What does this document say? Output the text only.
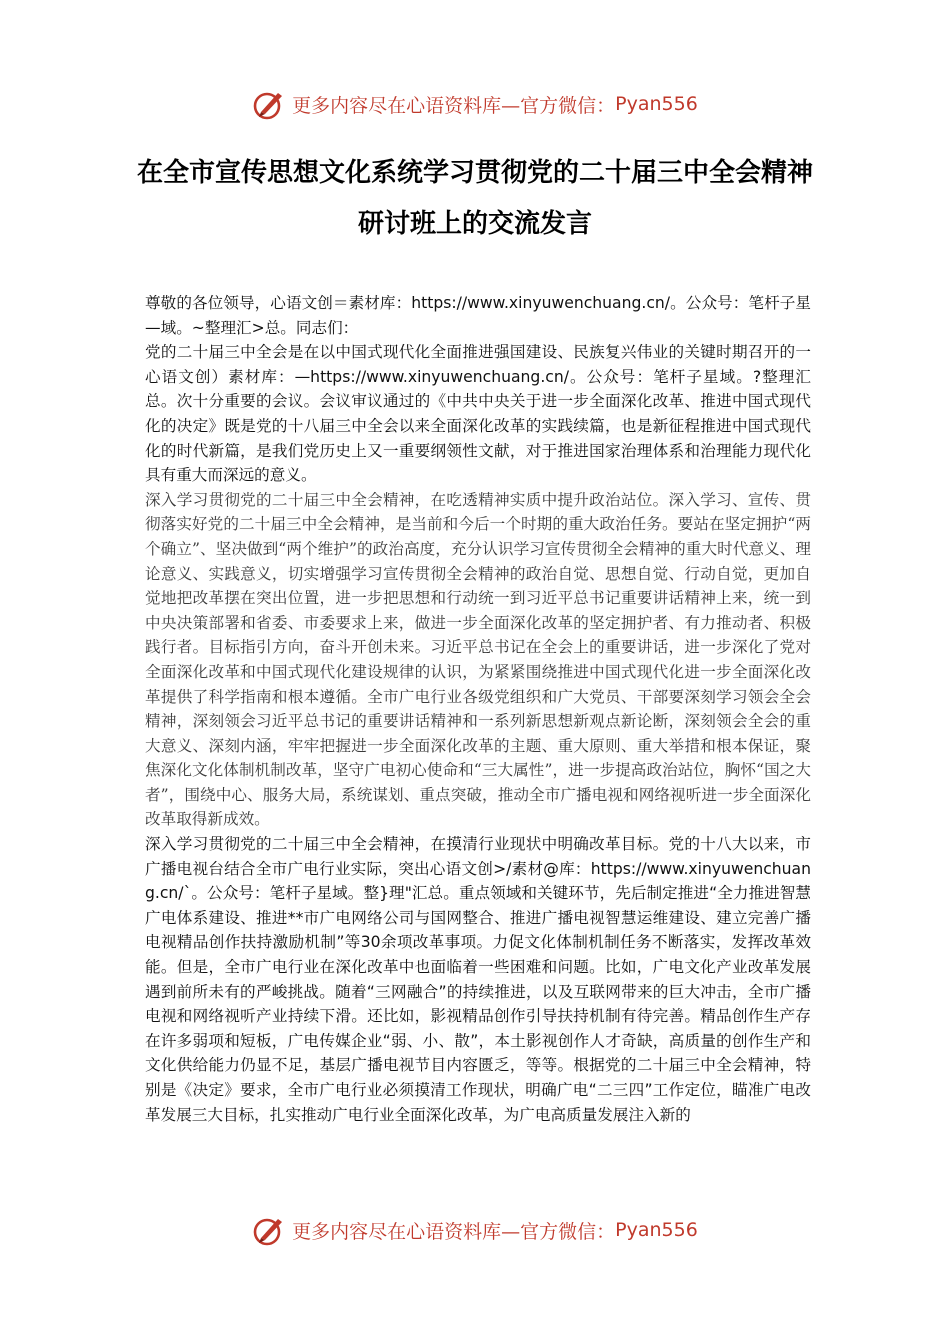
更多内容尽在心语资料库—官方微信： Pyan556
在全市宣传思想文化系统学习贯彻党的二十届三中全会精神研讨班上的交流发言

尊敬的各位领导，心语文创＝素材库：https://www.xinyuwenchuang.cn/。公众号：笔杆子星—域。~整理汇>总。同志们：

党的二十届三中全会是在以中国式现代化全面推进强国建设、民族复兴伟业的关键时期召开的一心语文创）素材库：—https://www.xinyuwenchuang.cn/。公众号：笔杆子星域。?整理汇总。次十分重要的会议。会议审议通过的《中共中央关于进一步全面深化改革、推进中国式现代化的决定》既是党的十八届三中全会以来全面深化改革的实践续篇，也是新征程推进中国式现代化的时代新篇，是我们党历史上又一重要纲领性文献，对于推进国家治理体系和治理能力现代化具有重大而深远的意义。

深入学习贯彻党的二十届三中全会精神，在吃透精神实质中提升政治站位。深入学习、宣传、贯彻落实好党的二十届三中全会精神，是当前和今后一个时期的重大政治任务。要站在坚定拥护“两个确立”、坚决做到“两个维护”的政治高度，充分认识学习宣传贯彻全会精神的重大时代意义、理论意义、实践意义，切实增强学习宣传贯彻全会精神的政治自觉、思想自觉、行动自觉，更加自觉地把改革摆在突出位置，进一步把思想和行动统一到习近平总书记重要讲话精神上来，统一到中央决策部署和省委、市委要求上来，做进一步全面深化改革的坚定拥护者、有力推动者、积极践行者。目标指引方向，奋斗开创未来。习近平总书记在全会上的重要讲话，进一步深化了党对全面深化改革和中国式现代化建设规律的认识，为紧紧围绕推进中国式现代化进一步全面深化改革提供了科学指南和根本遵循。全市广电行业各级党组织和广大党员、干部要深刻学习领会全会精神，深刻领会习近平总书记的重要讲话精神和一系列新思想新观点新论断，深刻领会全会的重大意义、深刻内涵，牢牢把握进一步全面深化改革的主题、重大原则、重大举措和根本保证，聚焦深化文化体制机制改革，坚守广电初心使命和“三大属性”，进一步提高政治站位，胸怀“国之大者”，围绕中心、服务大局，系统谋划、重点突破，推动全市广播电视和网络视听进一步全面深化改革取得新成效。

深入学习贯彻党的二十届三中全会精神，在摸清行业现状中明确改革目标。党的十八大以来，市广播电视台结合全市广电行业实际，突出心语文创>/素材@库：https://www.xinyuwenchuang.cn/`。公众号：笔杆子星域。整}理"汇总。重点领域和关键环节，先后制定推进“全力推进智慧广电体系建设、推进**市广电网络公司与国网整合、推进广播电视智慧运维建设、建立完善广播电视精品创作扶持激励机制”等30余项改革事项。力促文化体制机制任务不断落实，发挥改革效能。但是，全市广电行业在深化改革中也面临着一些困难和问题。比如，广电文化产业改革发展遇到前所未有的严峻挑战。随着“三网融合”的持续推进，以及互联网带来的巨大冲击，全市广播电视和网络视听产业持续下滑。还比如，影视精品创作引导扶持机制有待完善。精品创作生产存在许多弱项和短板，广电传媒企业“弱、小、散”，本土影视创作人才奇缺，高质量的创作生产和文化供给能力仍显不足，基层广播电视节目内容匮乏，等等。根据党的二十届三中全会精神，特别是《决定》要求，全市广电行业必须摸清工作现状，明确广电“二三四”工作定位，瞄准广电改革发展三大目标，扎实推动广电行业全面深化改革，为广电高质量发展注入新的

更多内容尽在心语资料库—官方微信： Pyan556
